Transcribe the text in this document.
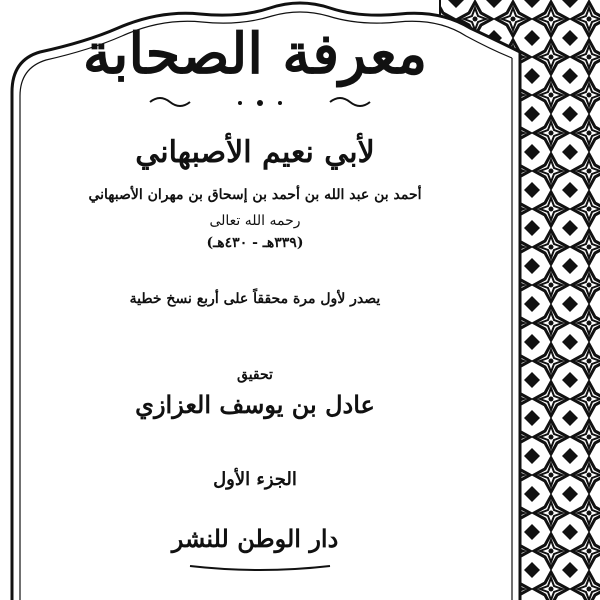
معرفة الصحابة
لأبي نعيم الأصبهاني
أحمد بن عبد الله بن أحمد بن إسحاق بن مهران الأصبهاني
رحمه الله تعالى
(٣٣٩هـ - ٤٣٠هـ)
يصدر لأول مرة محققاً على أربع نسخ خطية
تحقيق
عادل بن يوسف العزازي
الجزء الأول
دار الوطن للنشر
